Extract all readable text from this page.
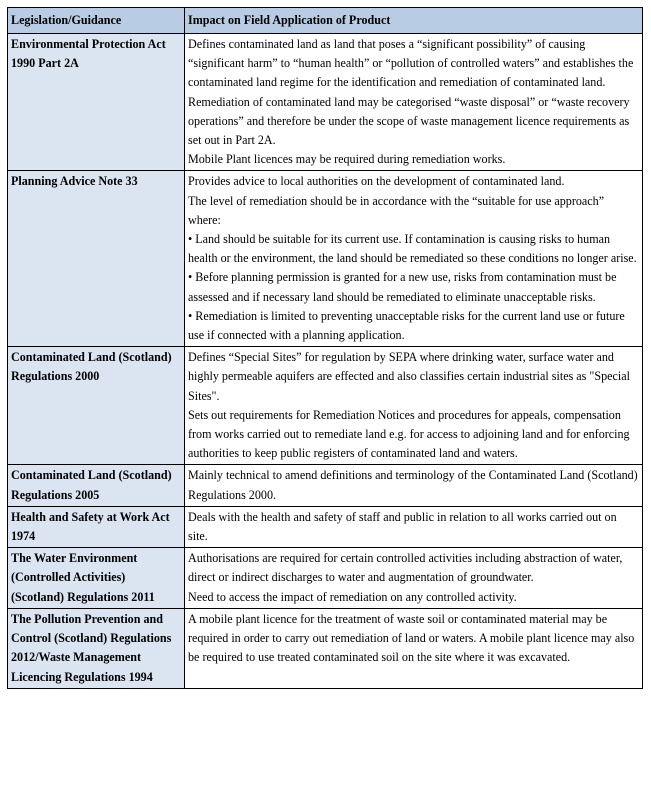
Legislation/Guidance	Impact on Field Application of Product
Environmental Protection Act 1990 Part 2A	Defines contaminated land as land that poses a “significant possibility” of causing “significant harm” to “human health” or “pollution of controlled waters” and establishes the contaminated land regime for the identification and remediation of contaminated land.
Remediation of contaminated land may be categorised “waste disposal” or “waste recovery operations” and therefore be under the scope of waste management licence requirements as set out in Part 2A.
Mobile Plant licences may be required during remediation works.

Planning Advice Note 33	Provides advice to local authorities on the development of contaminated land.
The level of remediation should be in accordance with the “suitable for use approach” where:
• Land should be suitable for its current use. If contamination is causing risks to human health or the environment, the land should be remediated so these conditions no longer arise.
• Before planning permission is granted for a new use, risks from contamination must be assessed and if necessary land should be remediated to eliminate unacceptable risks.
• Remediation is limited to preventing unacceptable risks for the current land use or future use if connected with a planning application.

Contaminated Land (Scotland) Regulations 2000	Defines “Special Sites” for regulation by SEPA where drinking water, surface water and highly permeable aquifers are effected and also classifies certain industrial sites as "Special Sites".
Sets out requirements for Remediation Notices and procedures for appeals, compensation from works carried out to remediate land e.g. for access to adjoining land and for enforcing authorities to keep public registers of contaminated land and waters.

Contaminated Land (Scotland) Regulations 2005	Mainly technical to amend definitions and terminology of the Contaminated Land (Scotland) Regulations 2000.

Health and Safety at Work Act 1974	Deals with the health and safety of staff and public in relation to all works carried out on site.

The Water Environment (Controlled Activities) (Scotland) Regulations 2011	Authorisations are required for certain controlled activities including abstraction of water, direct or indirect discharges to water and augmentation of groundwater.
Need to access the impact of remediation on any controlled activity.

The Pollution Prevention and Control (Scotland) Regulations 2012/Waste Management Licencing Regulations 1994	A mobile plant licence for the treatment of waste soil or contaminated material may be required in order to carry out remediation of land or waters. A mobile plant licence may also be required to use treated contaminated soil on the site where it was excavated.
